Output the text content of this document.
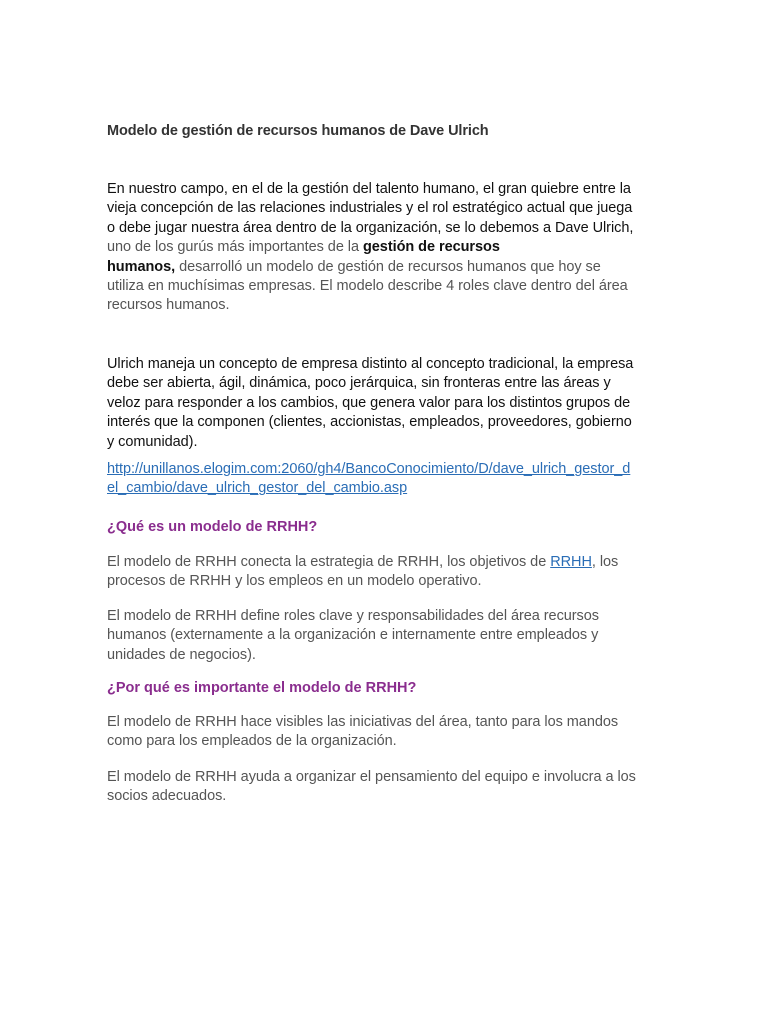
Modelo de gestión de recursos humanos de Dave Ulrich

En nuestro campo, en el de la gestión del talento humano, el gran quiebre entre la
vieja concepción de las relaciones industriales y el rol estratégico actual que juega
o debe jugar nuestra área dentro de la organización, se lo debemos a Dave Ulrich,
uno de los gurús más importantes de la gestión de recursos
humanos, desarrolló un modelo de gestión de recursos humanos que hoy se
utiliza en muchísimas empresas. El modelo describe 4 roles clave dentro del área
recursos humanos.
Ulrich maneja un concepto de empresa distinto al concepto tradicional, la empresa
debe ser abierta, ágil, dinámica, poco jerárquica, sin fronteras entre las áreas y
veloz para responder a los cambios, que genera valor para los distintos grupos de
interés que la componen (clientes, accionistas, empleados, proveedores, gobierno
y comunidad).
http://unillanos.elogim.com:2060/gh4/BancoConocimiento/D/dave_ulrich_gestor_d
el_cambio/dave_ulrich_gestor_del_cambio.asp

¿Qué es un modelo de RRHH?

El modelo de RRHH conecta la estrategia de RRHH, los objetivos de RRHH, los
procesos de RRHH y los empleos en un modelo operativo.
El modelo de RRHH define roles clave y responsabilidades del área recursos
humanos (externamente a la organización e internamente entre empleados y
unidades de negocios).

¿Por qué es importante el modelo de RRHH?

El modelo de RRHH hace visibles las iniciativas del área, tanto para los mandos
como para los empleados de la organización.
El modelo de RRHH ayuda a organizar el pensamiento del equipo e involucra a los
socios adecuados.
